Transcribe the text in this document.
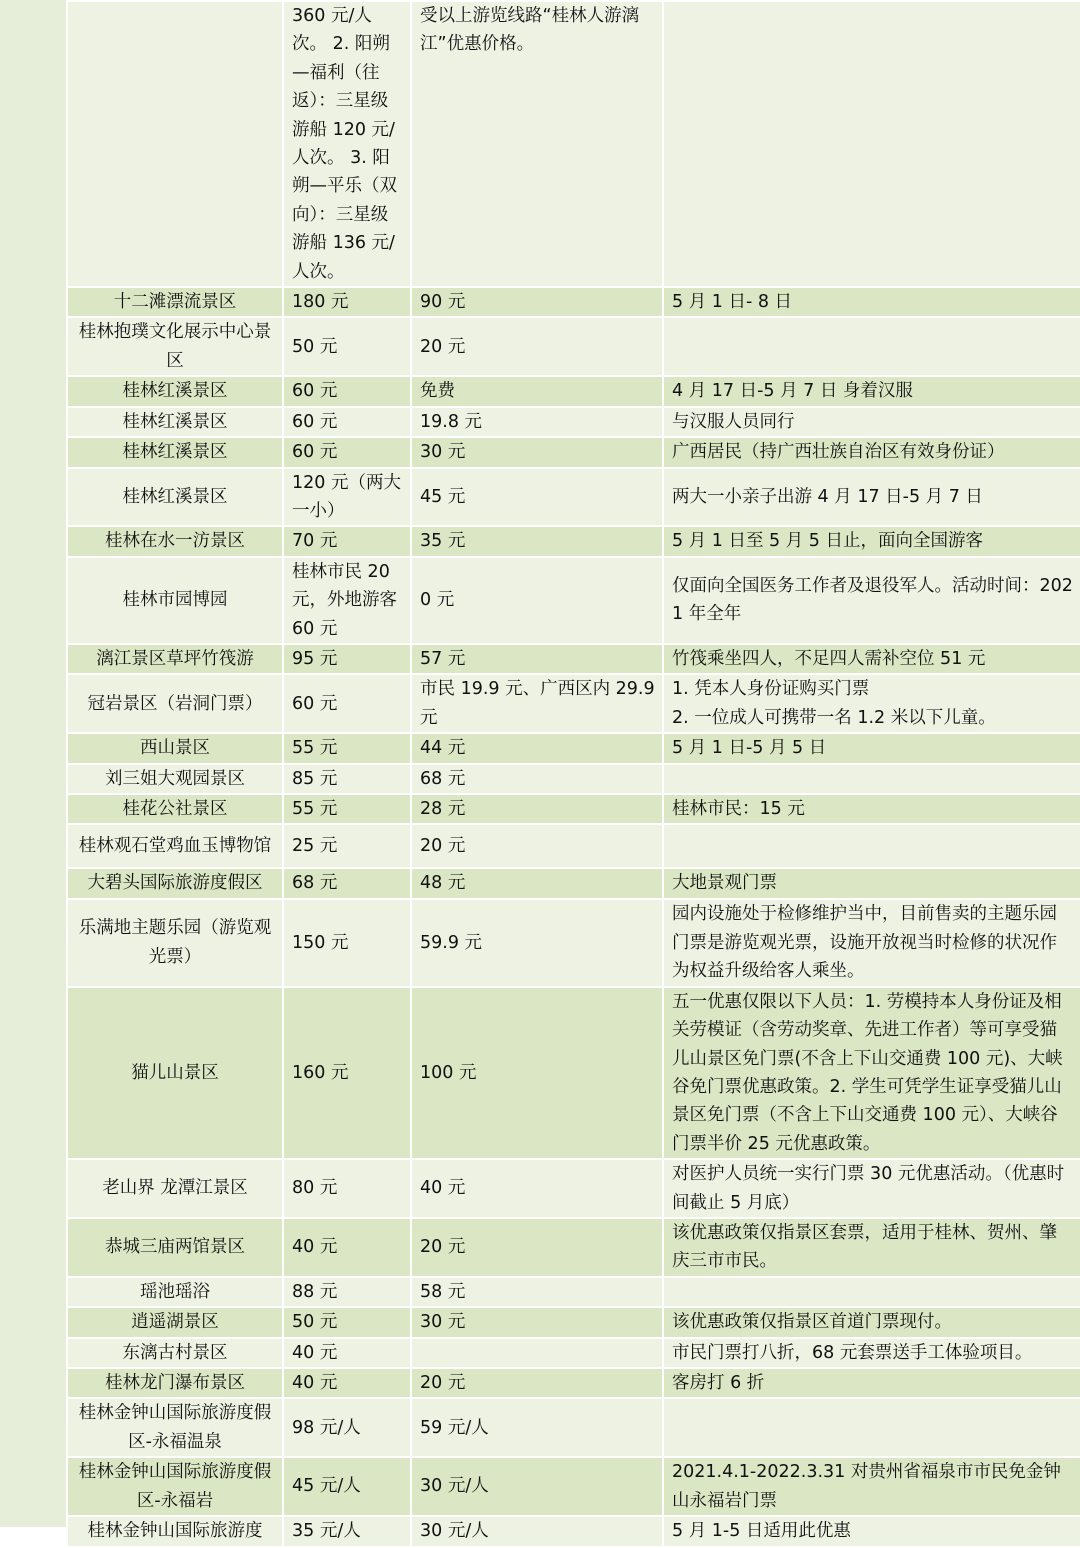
	360 元/人次。 2. 阳朔—福利（往返）：三星级游船 120 元/人次。 3. 阳朔—平乐（双向）：三星级游船 136 元/人次。	受以上游览线路“桂林人游漓江”优惠价格。	
十二滩漂流景区	180 元	90 元	5 月 1 日- 8 日
桂林抱璞文化展示中心景区	50 元	20 元	
桂林红溪景区	60 元	免费	4 月 17 日-5 月 7 日 身着汉服
桂林红溪景区	60 元	19.8 元	与汉服人员同行
桂林红溪景区	60 元	30 元	广西居民（持广西壮族自治区有效身份证）
桂林红溪景区	120 元（两大一小）	45 元	两大一小亲子出游 4 月 17 日-5 月 7 日
桂林在水一汸景区	70 元	35 元	5 月 1 日至 5 月 5 日止，面向全国游客
桂林市园博园	桂林市民 20 元，外地游客 60 元	0 元	仅面向全国医务工作者及退役军人。活动时间：2021 年全年
漓江景区草坪竹筏游	95 元	57 元	竹筏乘坐四人，不足四人需补空位 51 元
冠岩景区（岩洞门票）	60 元	市民 19.9 元、广西区内 29.9 元	1. 凭本人身份证购买门票
2. 一位成人可携带一名 1.2 米以下儿童。
西山景区	55 元	44 元	5 月 1 日-5 月 5 日
刘三姐大观园景区	85 元	68 元	
桂花公社景区	55 元	28 元	桂林市民：15 元
桂林观石堂鸡血玉博物馆	25 元	20 元	
大碧头国际旅游度假区	68 元	48 元	大地景观门票
乐满地主题乐园（游览观光票）	150 元	59.9 元	园内设施处于检修维护当中，目前售卖的主题乐园门票是游览观光票，设施开放视当时检修的状况作为权益升级给客人乘坐。
猫儿山景区	160 元	100 元	五一优惠仅限以下人员：1. 劳模持本人身份证及相关劳模证（含劳动奖章、先进工作者）等可享受猫儿山景区免门票(不含上下山交通费 100 元)、大峡谷免门票优惠政策。2. 学生可凭学生证享受猫儿山景区免门票（不含上下山交通费 100 元）、大峡谷门票半价 25 元优惠政策。
老山界 龙潭江景区	80 元	40 元	对医护人员统一实行门票 30 元优惠活动。（优惠时间截止 5 月底）
恭城三庙两馆景区	40 元	20 元	该优惠政策仅指景区套票，适用于桂林、贺州、肇庆三市市民。
瑶池瑶浴	88 元	58 元	
逍遥湖景区	50 元	30 元	该优惠政策仅指景区首道门票现付。
东漓古村景区	40 元		市民门票打八折，68 元套票送手工体验项目。
桂林龙门瀑布景区	40 元	20 元	客房打 6 折
桂林金钟山国际旅游度假区-永福温泉	98 元/人	59 元/人	
桂林金钟山国际旅游度假区-永福岩	45 元/人	30 元/人	2021.4.1-2022.3.31 对贵州省福泉市市民免金钟山永福岩门票
桂林金钟山国际旅游度	35 元/人	30 元/人	5 月 1-5 日适用此优惠
